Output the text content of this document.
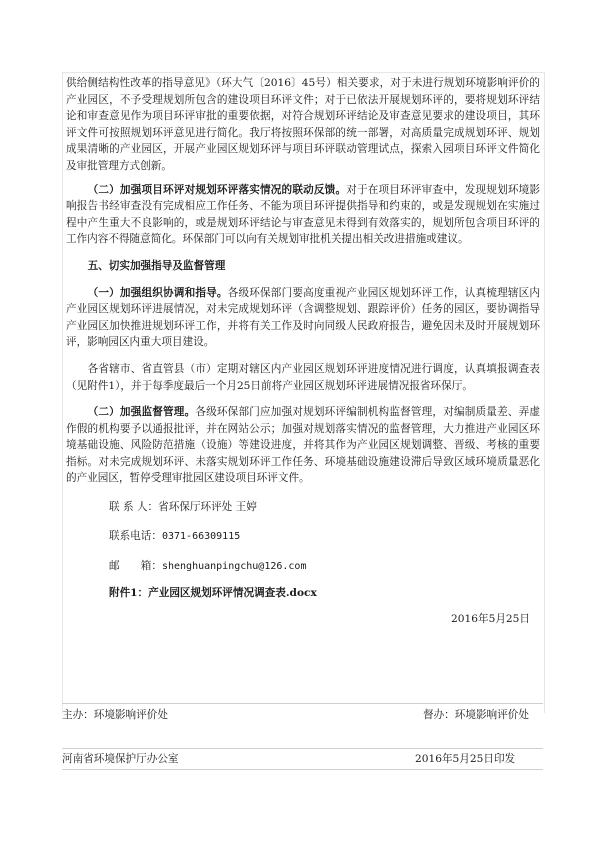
供给侧结构性改革的指导意见》（环大气〔2016〕45号）相关要求，对于未进行规划环境影响评价的产业园区，不予受理规划所包含的建设项目环评文件；对于已依法开展规划环评的，要将规划环评结论和审查意见作为项目环评审批的重要依据，对符合规划环评结论及审查意见要求的建设项目，其环评文件可按照规划环评意见进行简化。我厅将按照环保部的统一部署，对高质量完成规划环评、规划成果清晰的产业园区，开展产业园区规划环评与项目环评联动管理试点，探索入园项目环评文件简化及审批管理方式创新。

（二）加强项目环评对规划环评落实情况的联动反馈。对于在项目环评审查中，发现规划环境影响报告书经审查没有完成相应工作任务、不能为项目环评提供指导和约束的，或是发现规划在实施过程中产生重大不良影响的，或是规划环评结论与审查意见未得到有效落实的，规划所包含项目环评的工作内容不得随意简化。环保部门可以向有关规划审批机关提出相关改进措施或建议。

五、切实加强指导及监督管理

（一）加强组织协调和指导。各级环保部门要高度重视产业园区规划环评工作，认真梳理辖区内产业园区规划环评进展情况，对未完成规划环评（含调整规划、跟踪评价）任务的园区，要协调指导产业园区加快推进规划环评工作，并将有关工作及时向同级人民政府报告，避免因未及时开展规划环评，影响园区内重大项目建设。

各省辖市、省直管县（市）定期对辖区内产业园区规划环评进度情况进行调度，认真填报调查表（见附件1），并于每季度最后一个月25日前将产业园区规划环评进展情况报省环保厅。

（二）加强监督管理。各级环保部门应加强对规划环评编制机构监督管理，对编制质量差、弄虚作假的机构要予以通报批评，并在网站公示；加强对规划落实情况的监督管理，大力推进产业园区环境基础设施、风险防范措施（设施）等建设进度，并将其作为产业园区规划调整、晋级、考核的重要指标。对未完成规划环评、未落实规划环评工作任务、环境基础设施建设滞后导致区域环境质量恶化的产业园区，暂停受理审批园区建设项目环评文件。

联 系 人：省环保厅环评处 王婷

联系电话：0371-66309115

邮　　箱：shenghuanpingchu@126.com

附件1：产业园区规划环评情况调查表.docx

2016年5月25日

主办：环境影响评价处	督办：环境影响评价处
河南省环境保护厅办公室	2016年5月25日印发
